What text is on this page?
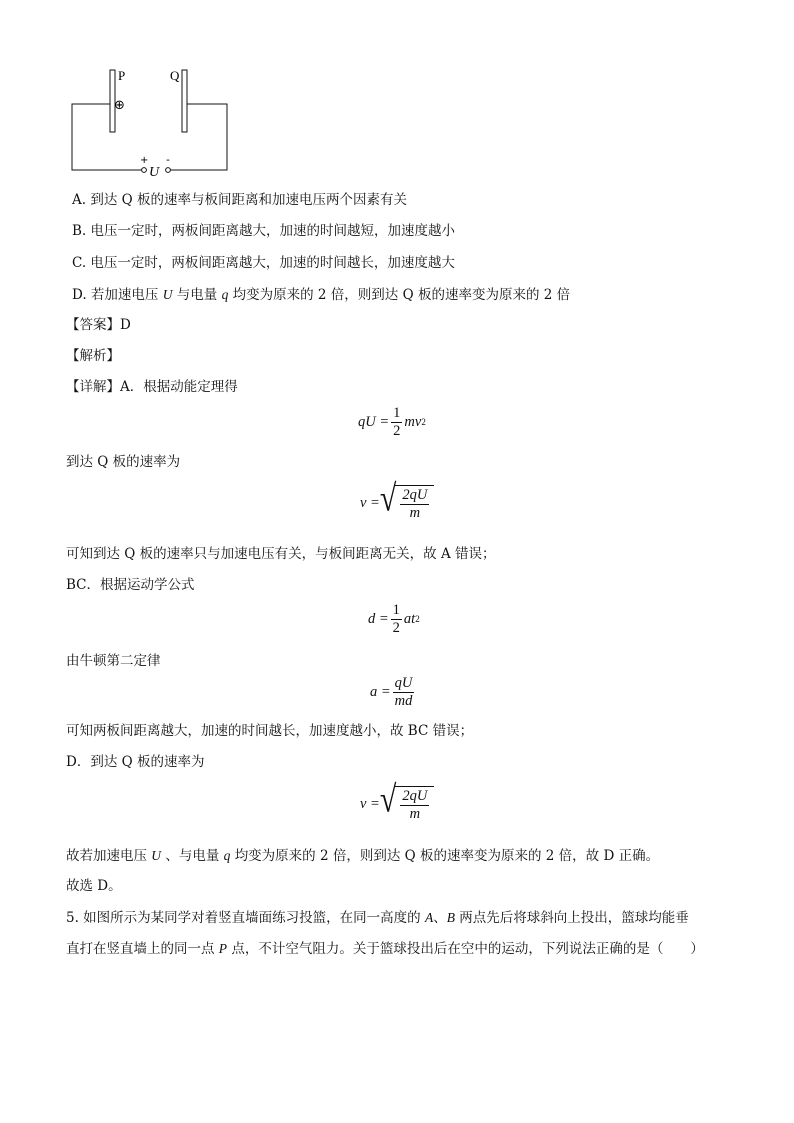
P	Q
⊕
+ -
U
A. 到达 Q 板的速率与板间距离和加速电压两个因素有关
B. 电压一定时，两板间距离越大，加速的时间越短，加速度越小
C. 电压一定时，两板间距离越大，加速的时间越长，加速度越大
D. 若加速电压 U 与电量 q 均变为原来的 2 倍，则到达 Q 板的速率变为原来的 2 倍
【答案】D
【解析】
【详解】A．根据动能定理得
qU = $\frac{1}{2}$ mv 2
到达 Q 板的速率为
v = √ $\frac{2qU}{m}$
可知到达 Q 板的速率只与加速电压有关，与板间距离无关，故 A 错误；
BC．根据运动学公式
$d = \frac{1}{2}$ at 2
由牛顿第二定律
$a = \frac{qU}{md}$
可知两板间距离越大，加速的时间越长，加速度越小，故 BC 错误；
D．到达 Q 板的速率为
v = √ $\frac{2qU}{m}$
故若加速电压 U 、与电量 q 均变为原来的 2 倍，则到达 Q 板的速率变为原来的 2 倍，故 D 正确。
故选 D。
5. 如图所示为某同学对着竖直墙面练习投篮，在同一高度的 A、B 两点先后将球斜向上投出，篮球均能垂
直打在竖直墙上的同一点 P 点，不计空气阻力。关于篮球投出后在空中的运动，下列说法正确的是（　　）
